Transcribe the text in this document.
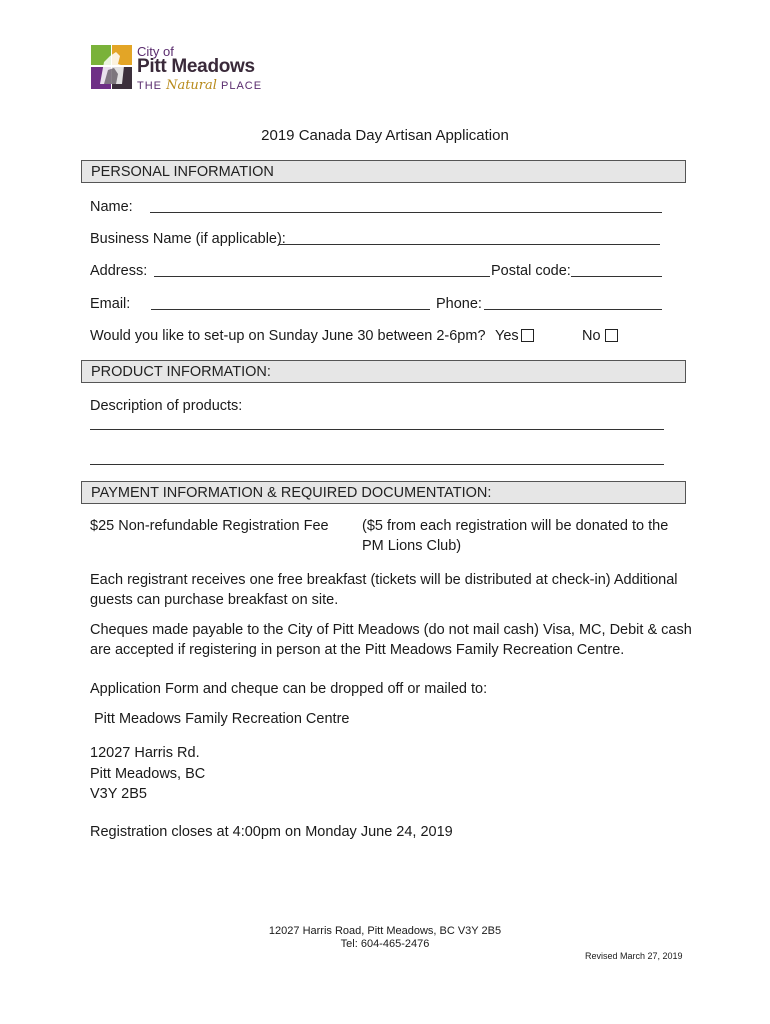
City of
Pitt Meadows
THE Natural PLACE
2019 Canada Day Artisan Application
PERSONAL INFORMATION
Name:
Business Name (if applicable):
Address:	Postal code:
Email:	Phone:
Would you like to set-up on Sunday June 30 between 2-6pm? Yes	No
PRODUCT INFORMATION:
Description of products:
PAYMENT INFORMATION & REQUIRED DOCUMENTATION:
$25 Non-refundable Registration Fee ($5 from each registration will be donated to the
PM Lions Club)
Each registrant receives one free breakfast (tickets will be distributed at check-in) Additional
guests can purchase breakfast on site.
Cheques made payable to the City of Pitt Meadows (do not mail cash) Visa, MC, Debit & cash
are accepted if registering in person at the Pitt Meadows Family Recreation Centre.
Application Form and cheque can be dropped off or mailed to:
Pitt Meadows Family Recreation Centre
12027 Harris Rd.
Pitt Meadows, BC
V3Y 2B5
Registration closes at 4:00pm on Monday June 24, 2019
12027 Harris Road, Pitt Meadows, BC V3Y 2B5
Tel: 604-465-2476
Revised March 27, 2019
